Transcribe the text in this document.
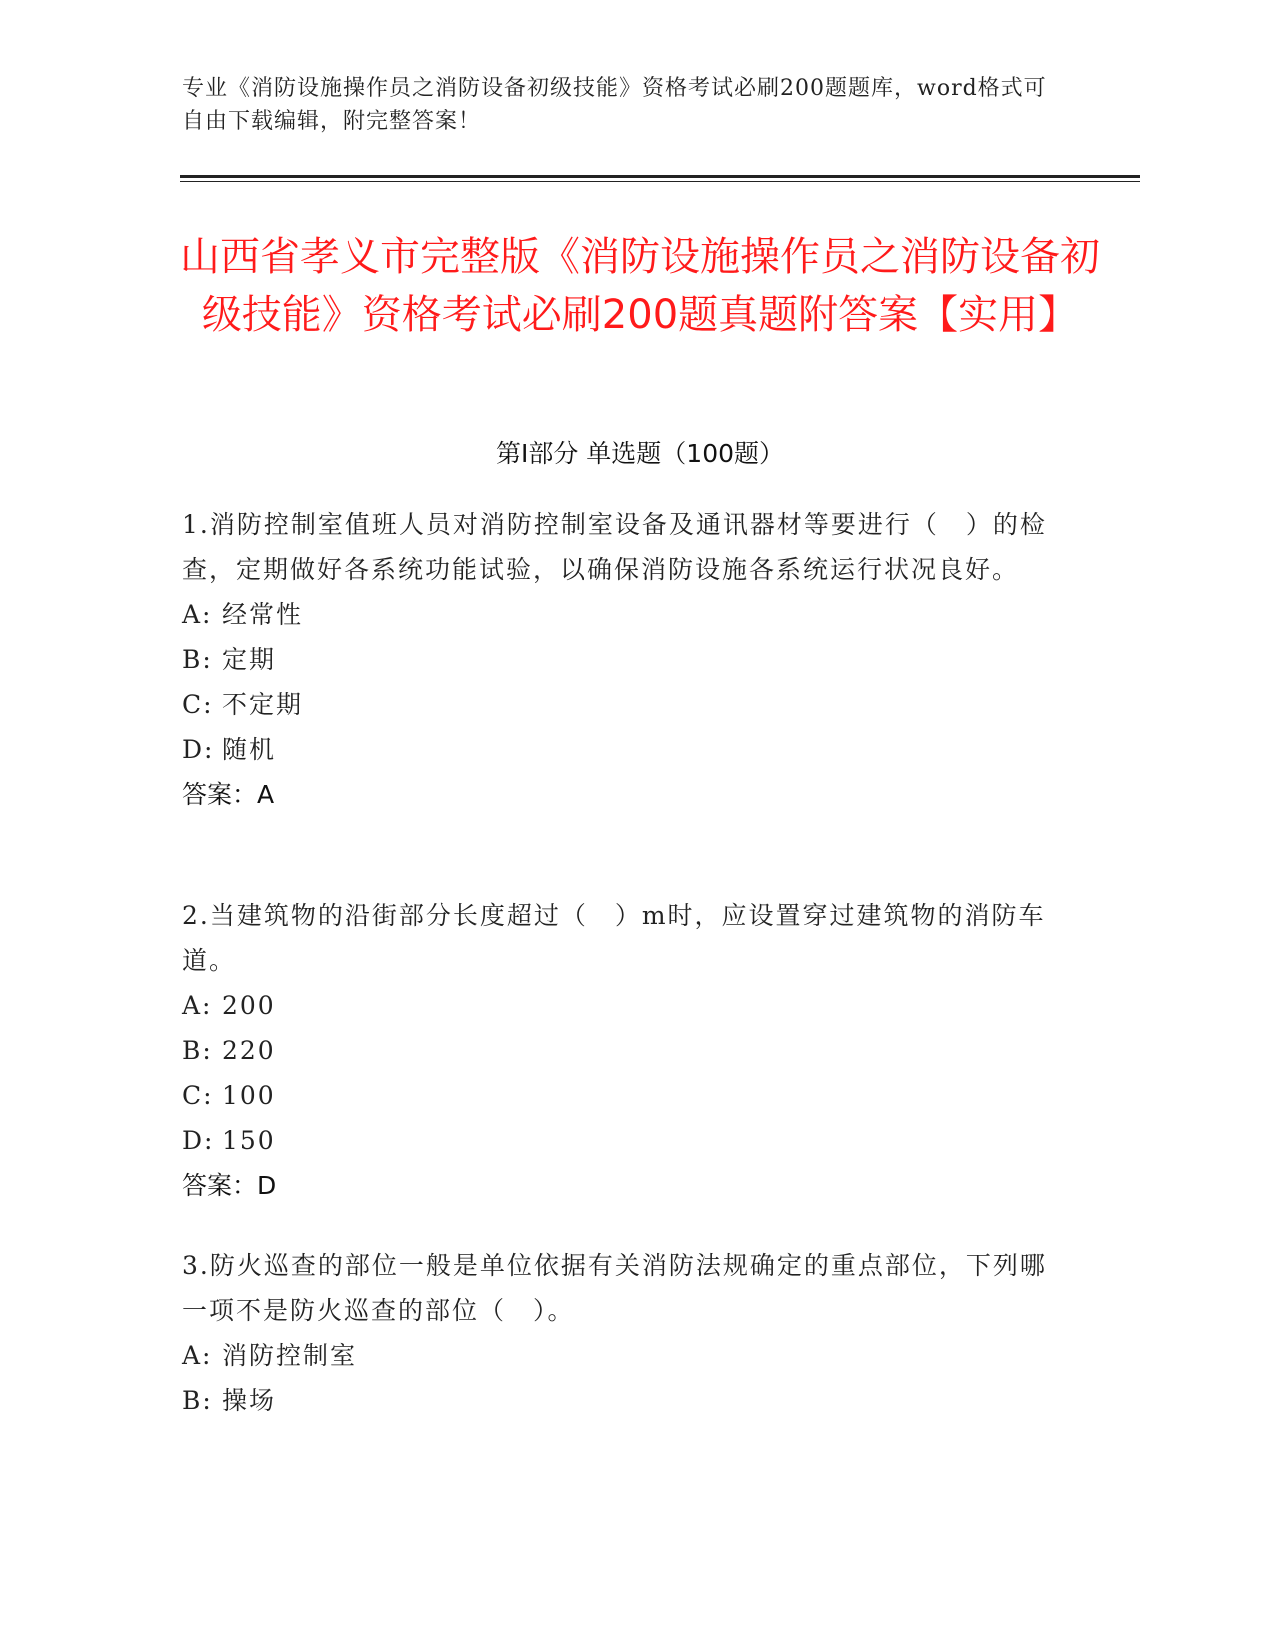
专业《消防设施操作员之消防设备初级技能》资格考试必刷200题题库，word格式可自由下载编辑，附完整答案！
山西省孝义市完整版《消防设施操作员之消防设备初级技能》资格考试必刷200题真题附答案【实用】
第Ⅰ部分 单选题（100题）

1.消防控制室值班人员对消防控制室设备及通讯器材等要进行（　）的检查，定期做好各系统功能试验，以确保消防设施各系统运行状况良好。

A: 经常性

B: 定期

C: 不定期

D: 随机

答案：A

2.当建筑物的沿街部分长度超过（　）m时，应设置穿过建筑物的消防车道。

A: 200

B: 220

C: 100

D: 150

答案：D

3.防火巡查的部位一般是单位依据有关消防法规确定的重点部位，下列哪一项不是防火巡查的部位（　）。

A: 消防控制室

B: 操场
